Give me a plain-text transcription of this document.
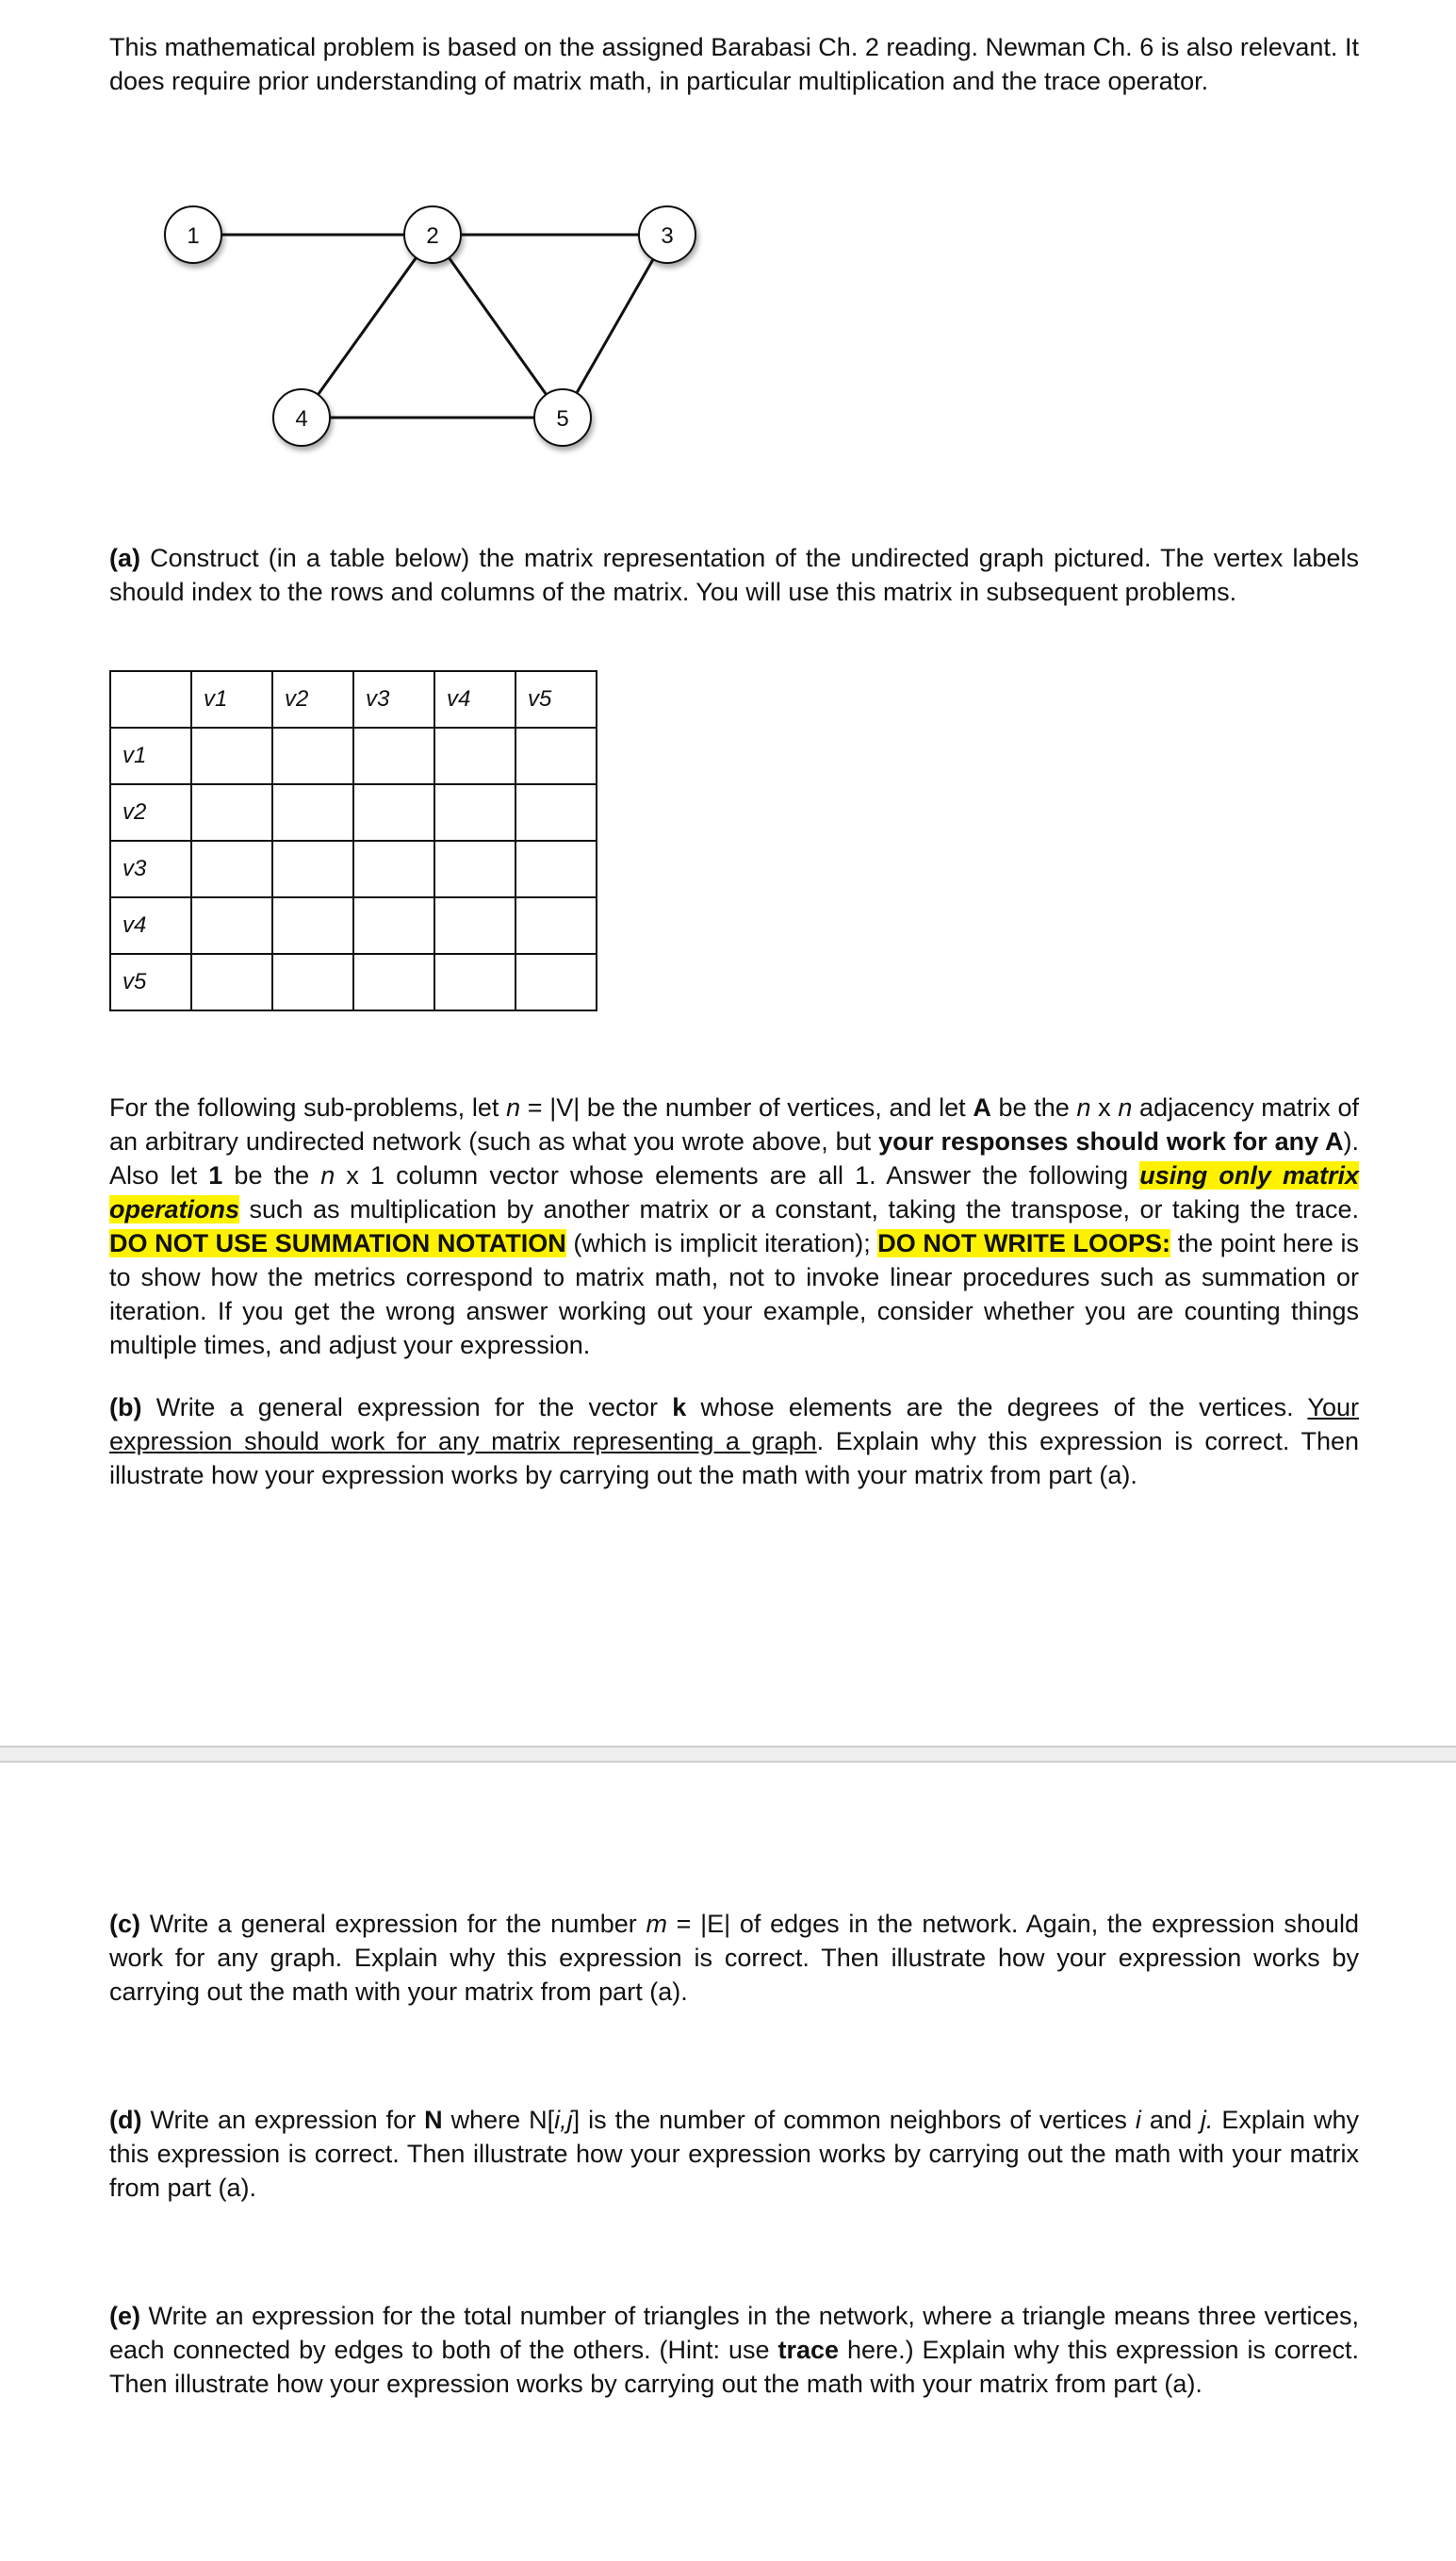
This mathematical problem is based on the assigned Barabasi Ch. 2 reading. Newman Ch. 6 is also relevant. It does require prior understanding of matrix math, in particular multiplication and the trace operator.

1	2	3
4	5

(a) Construct (in a table below) the matrix representation of the undirected graph pictured. The vertex labels should index to the rows and columns of the matrix. You will use this matrix in subsequent problems.

	v1	v2	v3	v4	v5
v1					
v2					
v3					
v4					
v5					

For the following sub-problems, let n = |V| be the number of vertices, and let A be the n x n adjacency matrix of an arbitrary undirected network (such as what you wrote above, but your responses should work for any A). Also let 1 be the n x 1 column vector whose elements are all 1. Answer the following using only matrix operations such as multiplication by another matrix or a constant, taking the transpose, or taking the trace. DO NOT USE SUMMATION NOTATION (which is implicit iteration); DO NOT WRITE LOOPS: the point here is to show how the metrics correspond to matrix math, not to invoke linear procedures such as summation or iteration. If you get the wrong answer working out your example, consider whether you are counting things multiple times, and adjust your expression.

(b) Write a general expression for the vector k whose elements are the degrees of the vertices. Your expression should work for any matrix representing a graph. Explain why this expression is correct. Then illustrate how your expression works by carrying out the math with your matrix from part (a).

(c) Write a general expression for the number m = |E| of edges in the network. Again, the expression should work for any graph. Explain why this expression is correct. Then illustrate how your expression works by carrying out the math with your matrix from part (a).

(d) Write an expression for N where N[i,j] is the number of common neighbors of vertices i and j. Explain why this expression is correct. Then illustrate how your expression works by carrying out the math with your matrix from part (a).

(e) Write an expression for the total number of triangles in the network, where a triangle means three vertices, each connected by edges to both of the others. (Hint: use trace here.) Explain why this expression is correct. Then illustrate how your expression works by carrying out the math with your matrix from part (a).
